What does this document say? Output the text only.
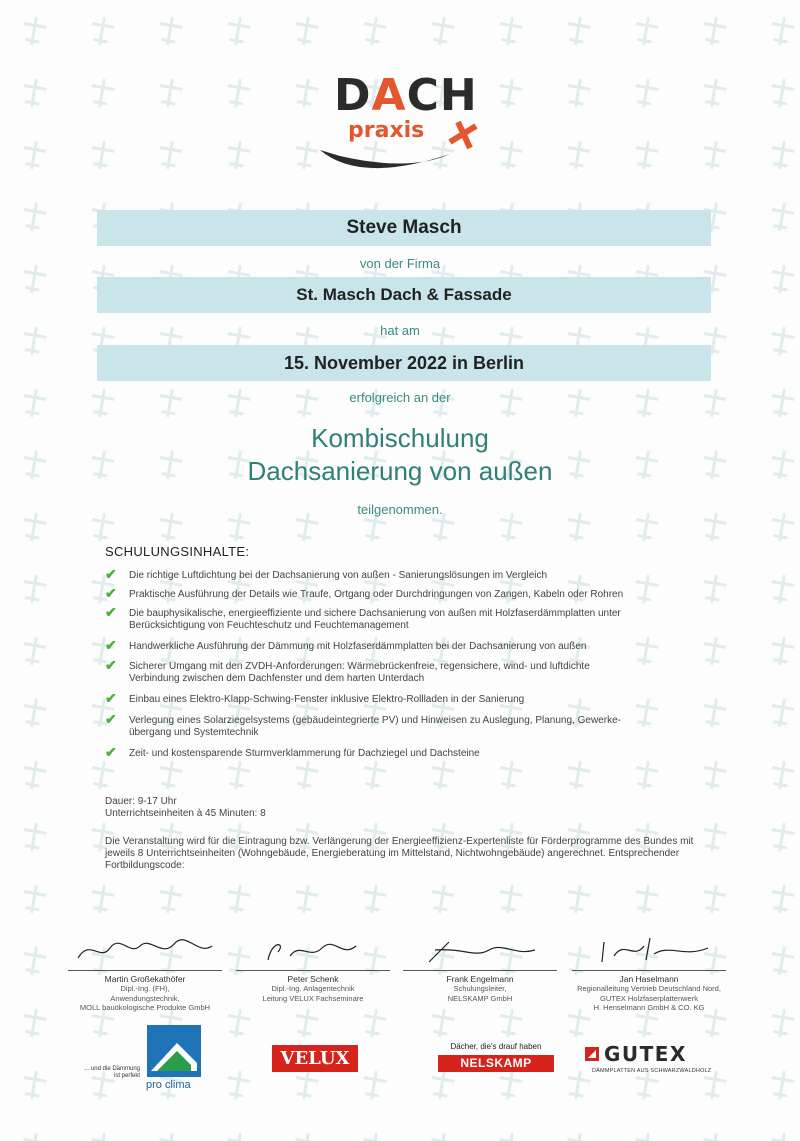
DACH
praxis
Steve Masch
von der Firma
St. Masch Dach & Fassade
hat am
15. November 2022 in Berlin
erfolgreich an der
Kombischulung
Dachsanierung von außen
teilgenommen.
SCHULUNGSINHALTE:
✔ Die richtige Luftdichtung bei der Dachsanierung von außen - Sanierungslösungen im Vergleich
✔ Praktische Ausführung der Details wie Traufe, Ortgang oder Durchdringungen von Zangen, Kabeln oder Rohren
✔ Die bauphysikalische, energieeffiziente und sichere Dachsanierung von außen mit Holzfaserdämmplatten unter
Berücksichtigung von Feuchteschutz und Feuchtemanagement
✔ Handwerkliche Ausführung der Dämmung mit Holzfaserdämmplatten bei der Dachsanierung von außen
✔ Sicherer Umgang mit den ZVDH-Anforderungen: Wärmebrückenfreie, regensichere, wind- und luftdichte
Verbindung zwischen dem Dachfenster und dem harten Unterdach
✔ Einbau eines Elektro-Klapp-Schwing-Fenster inklusive Elektro-Rollladen in der Sanierung
✔ Verlegung eines Solarziegelsystems (gebäudeintegrierte PV) und Hinweisen zu Auslegung, Planung, Gewerke-
übergang und Systemtechnik
✔ Zeit- und kostensparende Sturmverklammerung für Dachziegel und Dachsteine
Dauer: 9-17 Uhr
Unterrichtseinheiten à 45 Minuten: 8
Die Veranstaltung wird für die Eintragung bzw. Verlängerung der Energieeffizienz-Expertenliste für Förderprogramme des Bundes mit jeweils 8 Unterrichtseinheiten (Wohngebäude, Energieberatung im Mittelstand, Nichtwohngebäude) angerechnet. Entsprechender Fortbildungscode:
Martin Großekathöfer
Dipl.-Ing. (FH),
Anwendungstechnik,
MOLL bauökologische Produkte GmbH
Peter Schenk
Dipl.-Ing. Anlagentechnik
Leitung VELUX Fachseminare
Frank Engelmann
Schulungsleiter,
NELSKAMP GmbH
Jan Haselmann
Regionalleitung Vertrieb Deutschland Nord,
GUTEX Holzfaserplattenwerk
H. Henselmann GmbH & CO. KG
... und die Dämmung
ist perfekt
pro clima
VELUX
Dächer, die's drauf haben
NELSKAMP	GUTEX
DÄMMPLATTEN AUS SCHWARZWALDHOLZ
